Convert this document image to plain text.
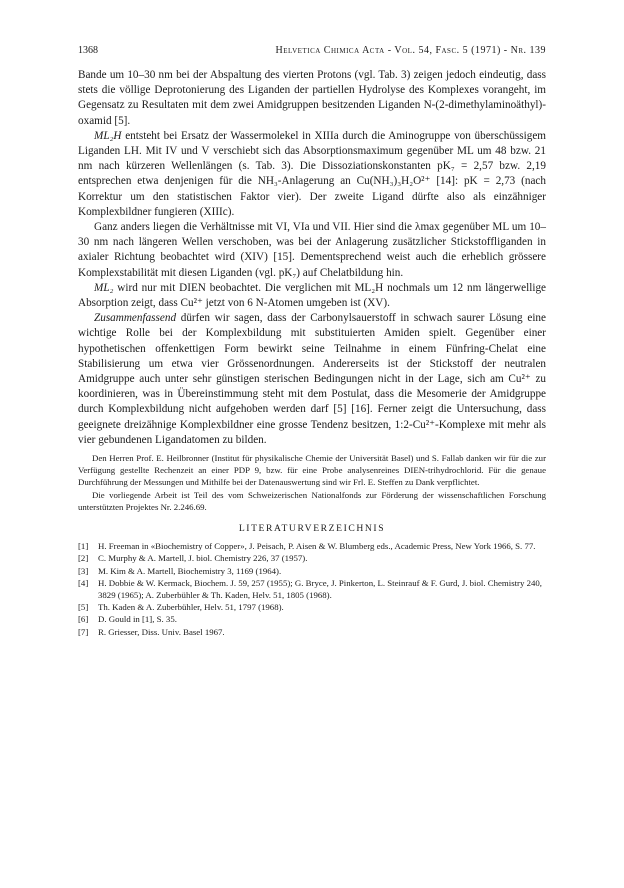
1368	Helvetica Chimica Acta - Vol. 54, Fasc. 5 (1971) - Nr. 139

Bande um 10–30 nm bei der Abspaltung des vierten Protons (vgl. Tab. 3) zeigen jedoch eindeutig, dass stets die völlige Deprotonierung des Liganden der partiellen Hydrolyse des Komplexes vorangeht, im Gegensatz zu Resultaten mit dem zwei Amidgruppen besitzenden Liganden N-(2-dimethylaminoäthyl)-oxamid [5].

ML₂H entsteht bei Ersatz der Wassermolekel in XIIIa durch die Aminogruppe von überschüssigem Liganden LH. Mit IV und V verschiebt sich das Absorptionsmaximum gegenüber ML um 48 bzw. 21 nm nach kürzeren Wellenlängen (s. Tab. 3). Die Dissoziationskonstanten pK₇ = 2,57 bzw. 2,19 entsprechen etwa denjenigen für die NH₃-Anlagerung an Cu(NH₃)₃H₂O²⁺ [14]: pK = 2,73 (nach Korrektur um den statistischen Faktor vier). Der zweite Ligand dürfte also als einzähniger Komplexbildner fungieren (XIIIc).

Ganz anders liegen die Verhältnisse mit VI, VIa und VII. Hier sind die λmax gegenüber ML um 10–30 nm nach längeren Wellen verschoben, was bei der Anlagerung zusätzlicher Stickstoffliganden in axialer Richtung beobachtet wird (XIV) [15]. Dementsprechend weist auch die erheblich grössere Komplexstabilität mit diesen Liganden (vgl. pK₇) auf Chelatbildung hin.

ML₂ wird nur mit DIEN beobachtet. Die verglichen mit ML₂H nochmals um 12 nm längerwellige Absorption zeigt, dass Cu²⁺ jetzt von 6 N-Atomen umgeben ist (XV).

Zusammenfassend dürfen wir sagen, dass der Carbonylsauerstoff in schwach saurer Lösung eine wichtige Rolle bei der Komplexbildung mit substituierten Amiden spielt. Gegenüber einer hypothetischen offenkettigen Form bewirkt seine Teilnahme in einem Fünfring-Chelat eine Stabilisierung um etwa vier Grössenordnungen. Andererseits ist der Stickstoff der neutralen Amidgruppe auch unter sehr günstigen sterischen Bedingungen nicht in der Lage, sich am Cu²⁺ zu koordinieren, was in Übereinstimmung steht mit dem Postulat, dass die Mesomerie der Amidgruppe durch Komplexbildung nicht aufgehoben werden darf [5] [16]. Ferner zeigt die Untersuchung, dass geeignete dreizähnige Komplexbildner eine grosse Tendenz besitzen, 1:2-Cu²⁺-Komplexe mit mehr als vier gebundenen Ligandatomen zu bilden.

Den Herren Prof. E. Heilbronner (Institut für physikalische Chemie der Universität Basel) und S. Fallab danken wir für die zur Verfügung gestellte Rechenzeit an einer PDP 9, bzw. für eine Probe analysenreines DIEN-trihydrochlorid. Für die genaue Durchführung der Messungen und Mithilfe bei der Datenauswertung sind wir Frl. E. Steffen zu Dank verpflichtet.

Die vorliegende Arbeit ist Teil des vom Schweizerischen Nationalfonds zur Förderung der wissenschaftlichen Forschung unterstützten Projektes Nr. 2.246.69.

LITERATURVERZEICHNIS
[1]	H. Freeman in «Biochemistry of Copper», J. Peisach, P. Aisen & W. Blumberg eds., Academic Press, New York 1966, S. 77.
[2]	C. Murphy & A. Martell, J. biol. Chemistry 226, 37 (1957).
[3]	M. Kim & A. Martell, Biochemistry 3, 1169 (1964).
[4]	H. Dobbie & W. Kermack, Biochem. J. 59, 257 (1955); G. Bryce, J. Pinkerton, L. Steinrauf & F. Gurd, J. biol. Chemistry 240, 3829 (1965); A. Zuberbühler & Th. Kaden, Helv. 51, 1805 (1968).
[5]	Th. Kaden & A. Zuberbühler, Helv. 51, 1797 (1968).
[6]	D. Gould in [1], S. 35.
[7]	R. Griesser, Diss. Univ. Basel 1967.
